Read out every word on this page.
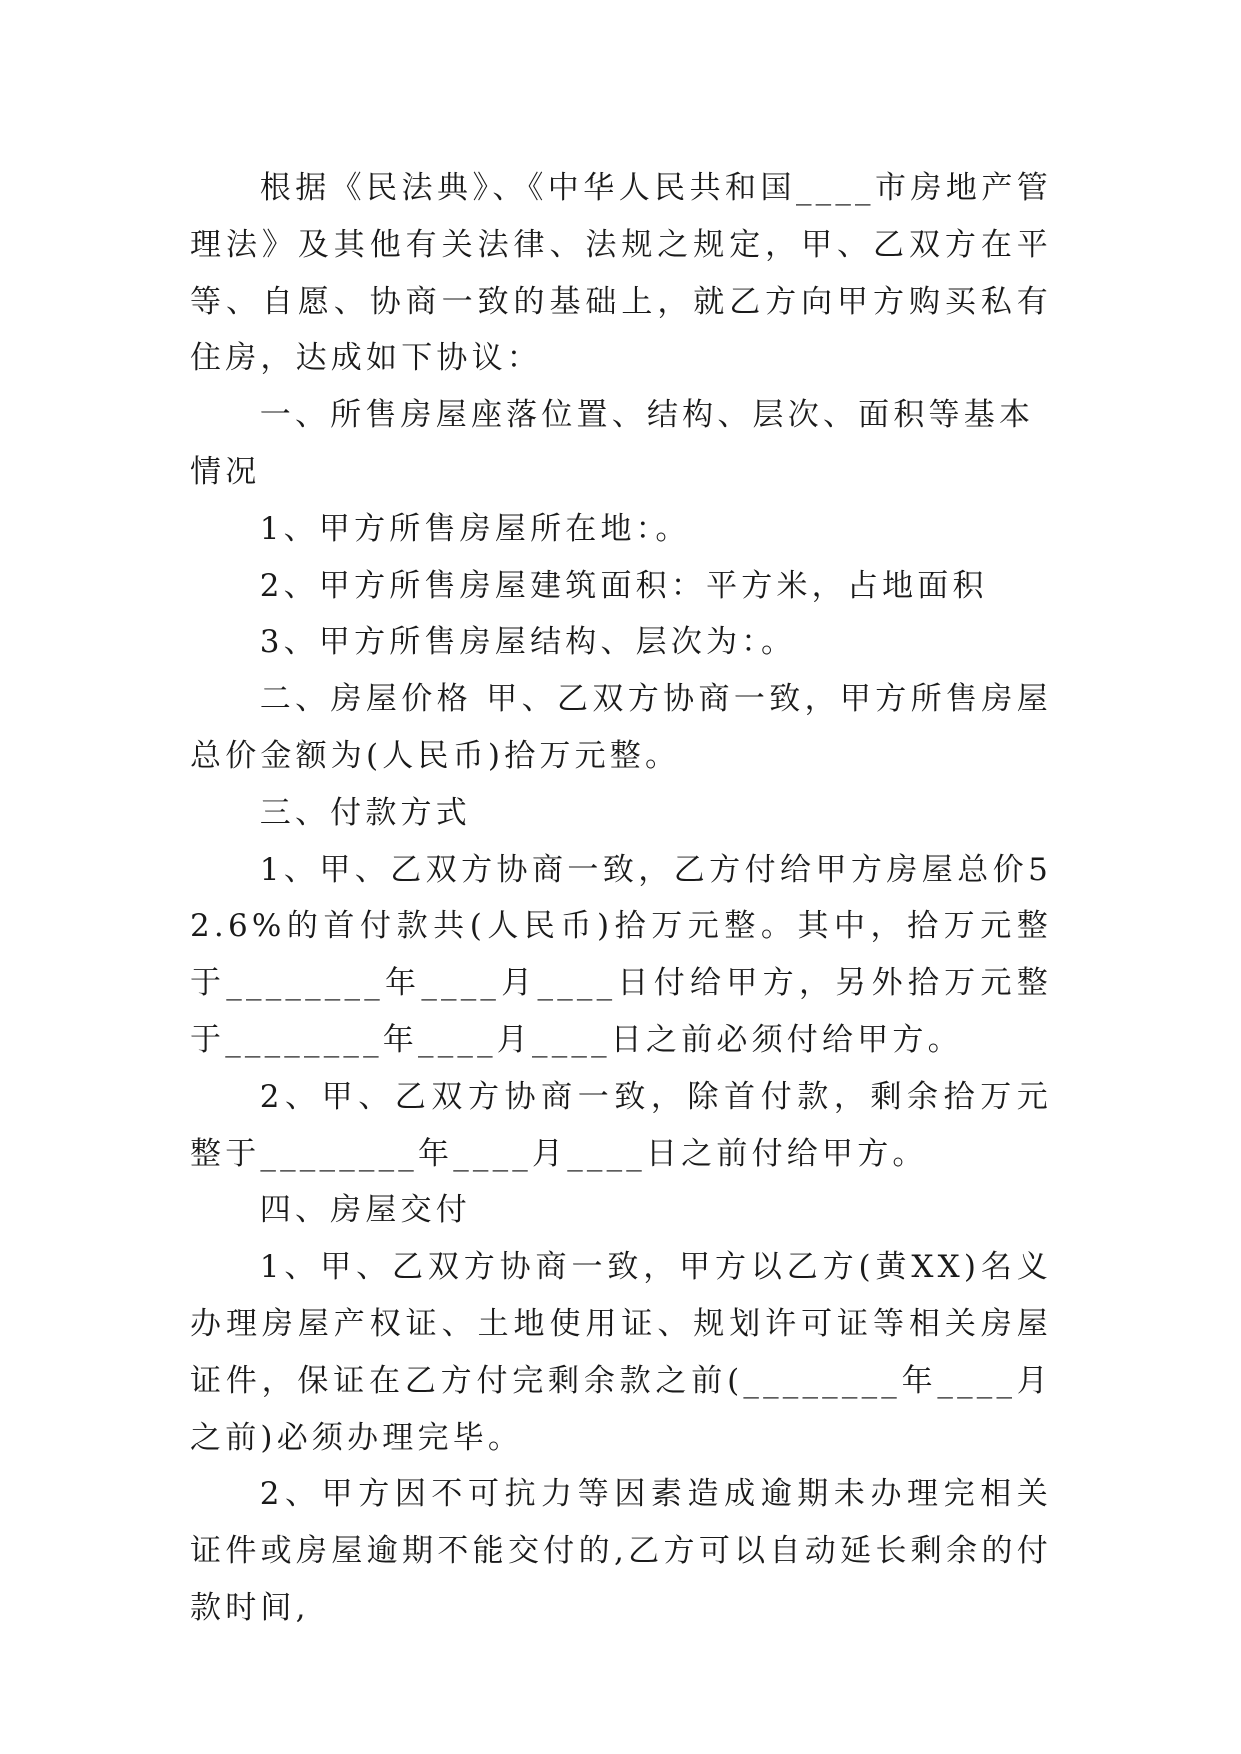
根据《民法典》、《中华人民共和国____市房地产管理法》及其他有关法律、法规之规定，甲、乙双方在平等、自愿、协商一致的基础上，就乙方向甲方购买私有住房，达成如下协议：

一、所售房屋座落位置、结构、层次、面积等基本情况

1、甲方所售房屋所在地：。

2、甲方所售房屋建筑面积：平方米，占地面积

3、甲方所售房屋结构、层次为：。

二、房屋价格 甲、乙双方协商一致，甲方所售房屋总价金额为(人民币)拾万元整。

三、付款方式

1、甲、乙双方协商一致，乙方付给甲方房屋总价52.6%的首付款共(人民币)拾万元整。其中，拾万元整于________年____月____日付给甲方，另外拾万元整于________年____月____日之前必须付给甲方。

2、甲、乙双方协商一致，除首付款，剩余拾万元整于________年____月____日之前付给甲方。

四、房屋交付

1、甲、乙双方协商一致，甲方以乙方(黄XX)名义办理房屋产权证、土地使用证、规划许可证等相关房屋证件，保证在乙方付完剩余款之前(________年____月之前)必须办理完毕。

2、甲方因不可抗力等因素造成逾期未办理完相关证件或房屋逾期不能交付的,乙方可以自动延长剩余的付款时间,
